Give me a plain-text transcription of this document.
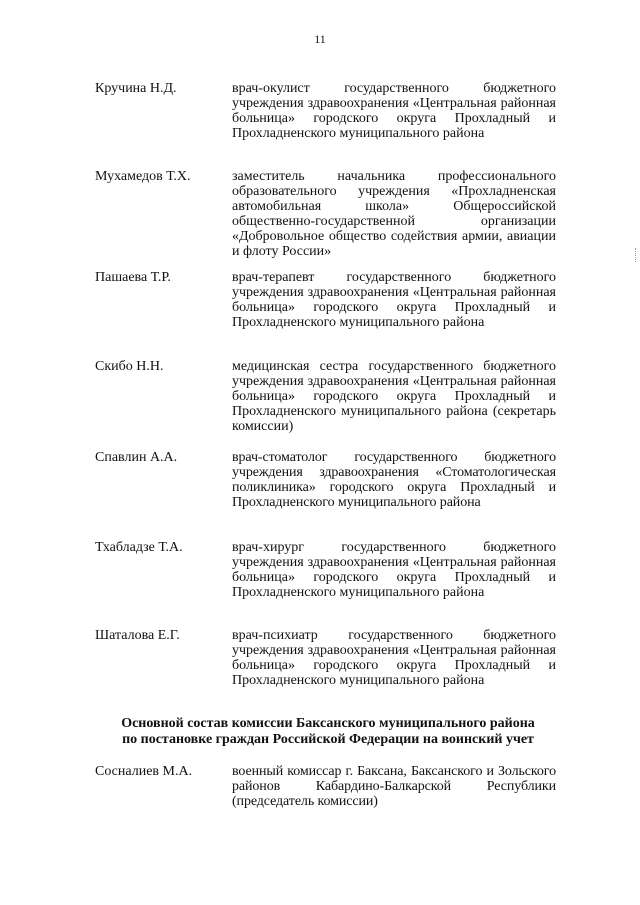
11
Кручина Н.Д.	врач-окулист государственного бюджетного учреждения здравоохранения «Центральная районная больница» городского округа Прохладный и Прохладненского муниципального района
Мухамедов Т.Х.	заместитель начальника профессионального образовательного учреждения «Прохладненская автомобильная школа» Общероссийской общественно-государственной организации «Добровольное общество содействия армии, авиации и флоту России»
Пашаева Т.Р.	врач-терапевт государственного бюджетного учреждения здравоохранения «Центральная районная больница» городского округа Прохладный и Прохладненского муниципального района
Скибо Н.Н.	медицинская сестра государственного бюджетного учреждения здравоохранения «Центральная районная больница» городского округа Прохладный и Прохладненского муниципального района (секретарь комиссии)
Спавлин А.А.	врач-стоматолог государственного бюджетного учреждения здравоохранения «Стоматологическая поликлиника» городского округа Прохладный и Прохладненского муниципального района
Тхабладзе Т.А.	врач-хирург государственного бюджетного учреждения здравоохранения «Центральная районная больница» городского округа Прохладный и Прохладненского муниципального района
Шаталова Е.Г.	врач-психиатр государственного бюджетного учреждения здравоохранения «Центральная районная больница» городского округа Прохладный и Прохладненского муниципального района
Основной состав комиссии Баксанского муниципального района
по постановке граждан Российской Федерации на воинский учет
Сосналиев М.А.	военный комиссар г. Баксана, Баксанского и Зольского районов Кабардино-Балкарской Республики (председатель комиссии)
